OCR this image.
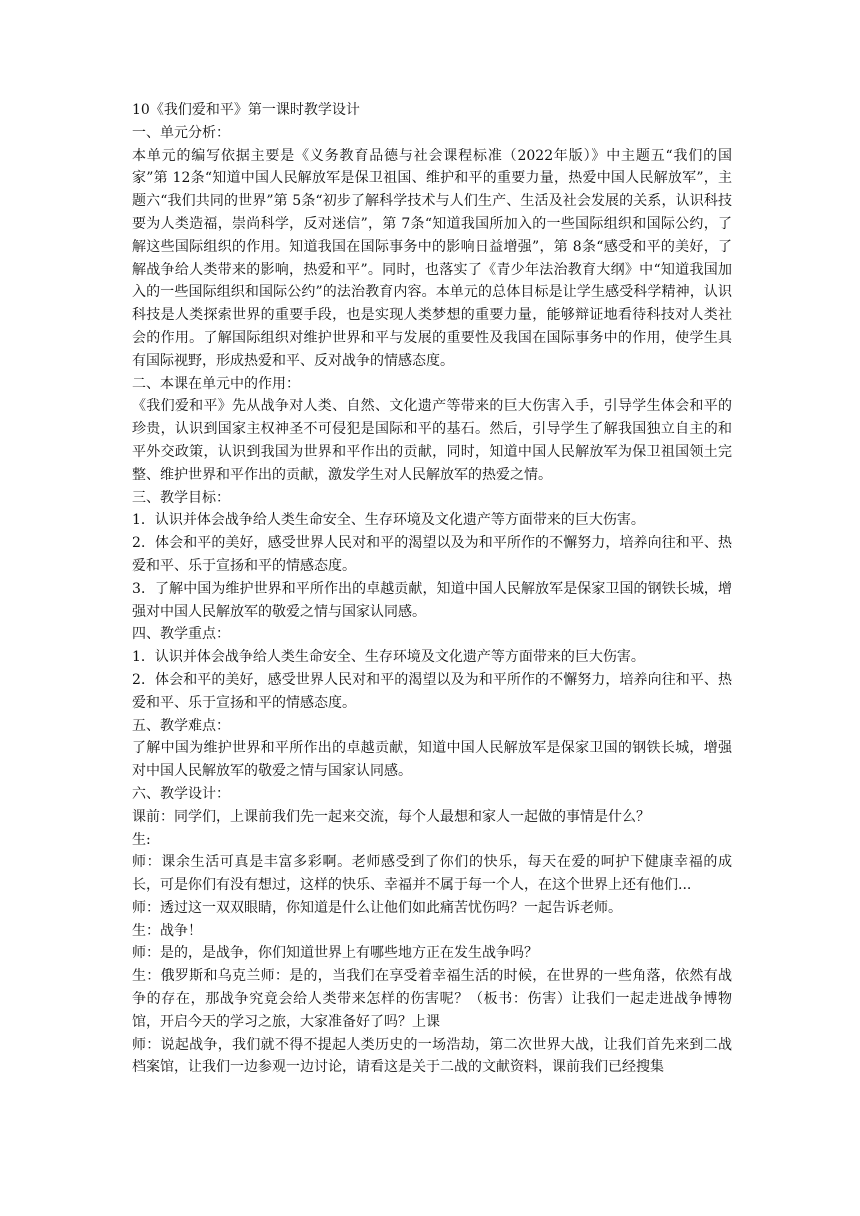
10《我们爱和平》第一课时教学设计

一、单元分析：

本单元的编写依据主要是《义务教育品德与社会课程标准（2022年版）》中主题五“我们的国家”第 12条“知道中国人民解放军是保卫祖国、维护和平的重要力量，热爱中国人民解放军”，主题六“我们共同的世界”第 5条“初步了解科学技术与人们生产、生活及社会发展的关系，认识科技要为人类造福，崇尚科学，反对迷信”，第 7条“知道我国所加入的一些国际组织和国际公约，了解这些国际组织的作用。知道我国在国际事务中的影响日益增强”，第 8条“感受和平的美好，了解战争给人类带来的影响，热爱和平”。同时，也落实了《青少年法治教育大纲》中“知道我国加入的一些国际组织和国际公约”的法治教育内容。本单元的总体目标是让学生感受科学精神，认识科技是人类探索世界的重要手段，也是实现人类梦想的重要力量，能够辩证地看待科技对人类社会的作用。了解国际组织对维护世界和平与发展的重要性及我国在国际事务中的作用，使学生具有国际视野，形成热爱和平、反对战争的情感态度。

二、本课在单元中的作用：

《我们爱和平》先从战争对人类、自然、文化遗产等带来的巨大伤害入手，引导学生体会和平的珍贵，认识到国家主权神圣不可侵犯是国际和平的基石。然后，引导学生了解我国独立自主的和平外交政策，认识到我国为世界和平作出的贡献，同时，知道中国人民解放军为保卫祖国领土完整、维护世界和平作出的贡献，激发学生对人民解放军的热爱之情。

三、教学目标：

1．认识并体会战争给人类生命安全、生存环境及文化遗产等方面带来的巨大伤害。

2．体会和平的美好，感受世界人民对和平的渴望以及为和平所作的不懈努力，培养向往和平、热爱和平、乐于宣扬和平的情感态度。

3．了解中国为维护世界和平所作出的卓越贡献，知道中国人民解放军是保家卫国的钢铁长城，增强对中国人民解放军的敬爱之情与国家认同感。

四、教学重点：

1．认识并体会战争给人类生命安全、生存环境及文化遗产等方面带来的巨大伤害。

2．体会和平的美好，感受世界人民对和平的渴望以及为和平所作的不懈努力，培养向往和平、热爱和平、乐于宣扬和平的情感态度。

五、教学难点：

了解中国为维护世界和平所作出的卓越贡献，知道中国人民解放军是保家卫国的钢铁长城，增强对中国人民解放军的敬爱之情与国家认同感。

六、教学设计：

课前：同学们，上课前我们先一起来交流，每个人最想和家人一起做的事情是什么？

生:

师：课余生活可真是丰富多彩啊。老师感受到了你们的快乐，每天在爱的呵护下健康幸福的成长，可是你们有没有想过，这样的快乐、幸福并不属于每一个人，在这个世界上还有他们...

师：透过这一双双眼睛，你知道是什么让他们如此痛苦忧伤吗？一起告诉老师。

生：战争！

师：是的，是战争，你们知道世界上有哪些地方正在发生战争吗？

生：俄罗斯和乌克兰师：是的，当我们在享受着幸福生活的时候，在世界的一些角落，依然有战争的存在，那战争究竟会给人类带来怎样的伤害呢？（板书：伤害）让我们一起走进战争博物馆，开启今天的学习之旅，大家准备好了吗？上课

师：说起战争，我们就不得不提起人类历史的一场浩劫，第二次世界大战，让我们首先来到二战档案馆，让我们一边参观一边讨论，请看这是关于二战的文献资料，课前我们已经搜集
